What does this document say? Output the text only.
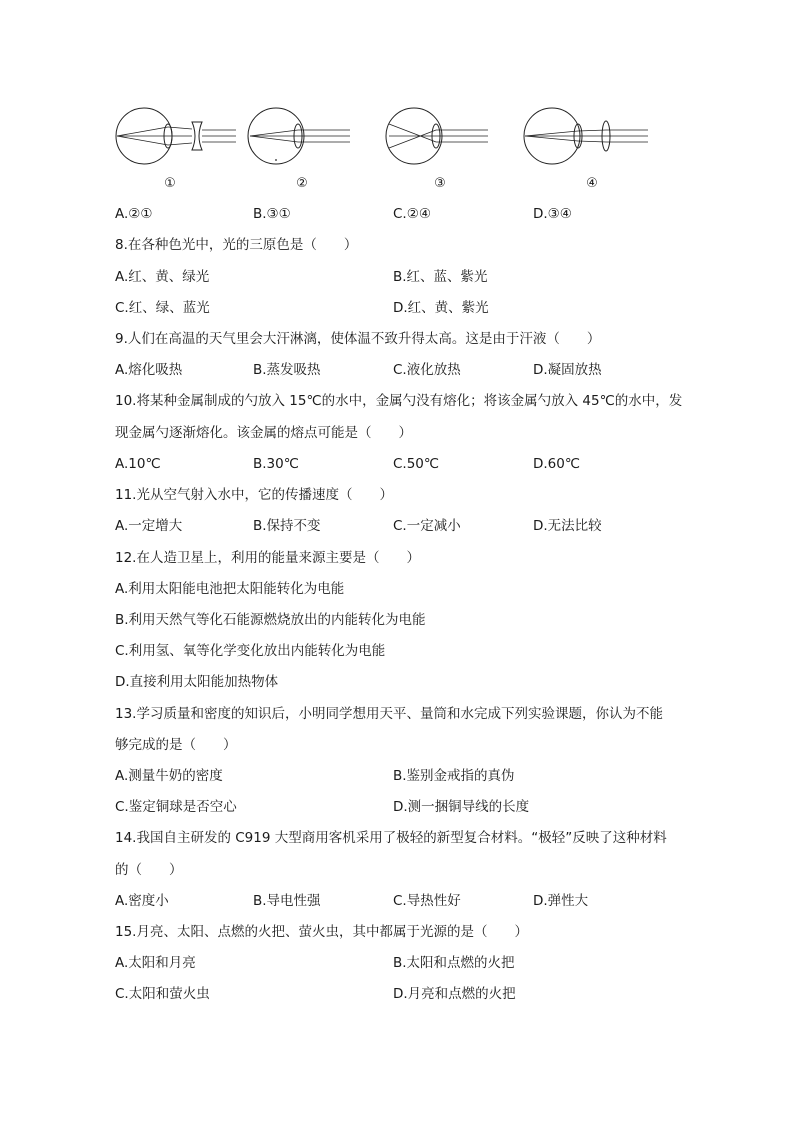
①	②	③	④
A.②①	B.③①	C.②④	D.③④
8.在各种色光中，光的三原色是（　　）
A.红、黄、绿光	B.红、蓝、紫光
C.红、绿、蓝光	D.红、黄、紫光
9.人们在高温的天气里会大汗淋漓，使体温不致升得太高。这是由于汗液（　　）
A.熔化吸热	B.蒸发吸热	C.液化放热	D.凝固放热
10.将某种金属制成的勺放入 15℃的水中，金属勺没有熔化；将该金属勺放入 45℃的水中，发
现金属勺逐渐熔化。该金属的熔点可能是（　　）
A.10℃	B.30℃	C.50℃	D.60℃
11.光从空气射入水中，它的传播速度（　　）
A.一定增大	B.保持不变	C.一定减小	D.无法比较
12.在人造卫星上，利用的能量来源主要是（　　）
A.利用太阳能电池把太阳能转化为电能
B.利用天然气等化石能源燃烧放出的内能转化为电能
C.利用氢、氧等化学变化放出内能转化为电能
D.直接利用太阳能加热物体
13.学习质量和密度的知识后，小明同学想用天平、量筒和水完成下列实验课题，你认为不能
够完成的是（　　）
A.测量牛奶的密度	B.鉴别金戒指的真伪
C.鉴定铜球是否空心	D.测一捆铜导线的长度
14.我国自主研发的 C919 大型商用客机采用了极轻的新型复合材料。“极轻”反映了这种材料
的（　　）
A.密度小	B.导电性强	C.导热性好	D.弹性大
15.月亮、太阳、点燃的火把、萤火虫，其中都属于光源的是（　　）
A.太阳和月亮	B.太阳和点燃的火把
C.太阳和萤火虫	D.月亮和点燃的火把
